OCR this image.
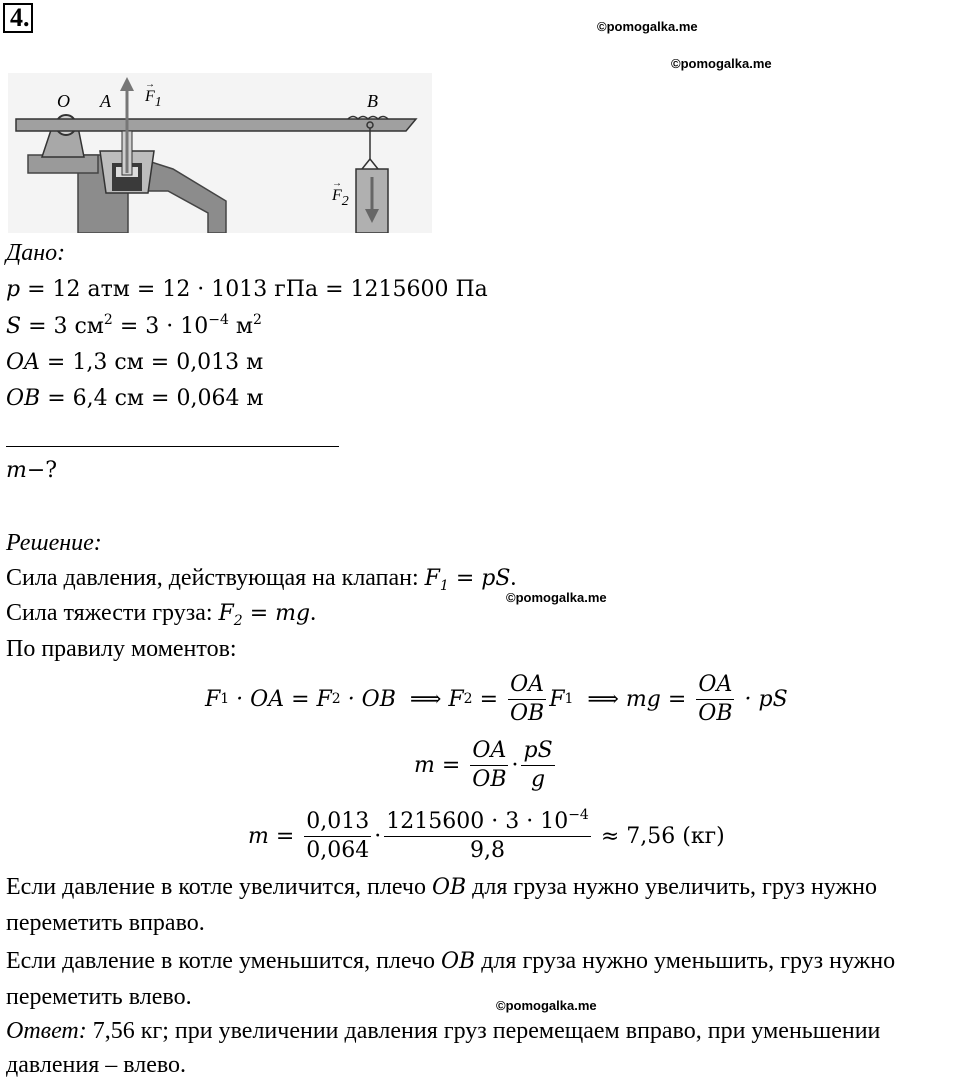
4.	©pomogalka.me
©pomogalka.me
©pomogalka.me
©pomogalka.me
O A
→
$F_1$	B
→
$F_2$
Дано:
p = 12 атм = 12 · 1013 гПа = 1215600 Па
S = 3 $см^2 = 3 \cdot 10^{-4}$ $м^2$
OA = 1,3 см = 0,013 м
OB = 6,4 см = 0,064 м
m−?
Решение:
Сила давления, действующая на клапан: $F_1$ = pS.
Сила тяжести груза: $F_2$ = mg.
По правилу моментов:
F 1 · OA = F 2 · OB  ⟹ F $2 = \frac{OA}{OB}$ F 1 ⟹ mg = $\frac{OA}{OB}$ · pS
$m = \frac{OA}{OB} \cdot \frac{pS}{g}$
$m = \frac{0,013}{0,064} \cdot \frac{1215600 \cdot 3 \cdot 10^{-4}}{9,8} \approx 7,56$ (кг)
Если давление в котле увеличится, плечо OB для груза нужно увеличить, груз нужно
переметить вправо.
Если давление в котле уменьшится, плечо OB для груза нужно уменьшить, груз нужно
переметить влево.
Ответ: 7,56 кг; при увеличении давления груз перемещаем вправо, при уменьшении
давления – влево.
